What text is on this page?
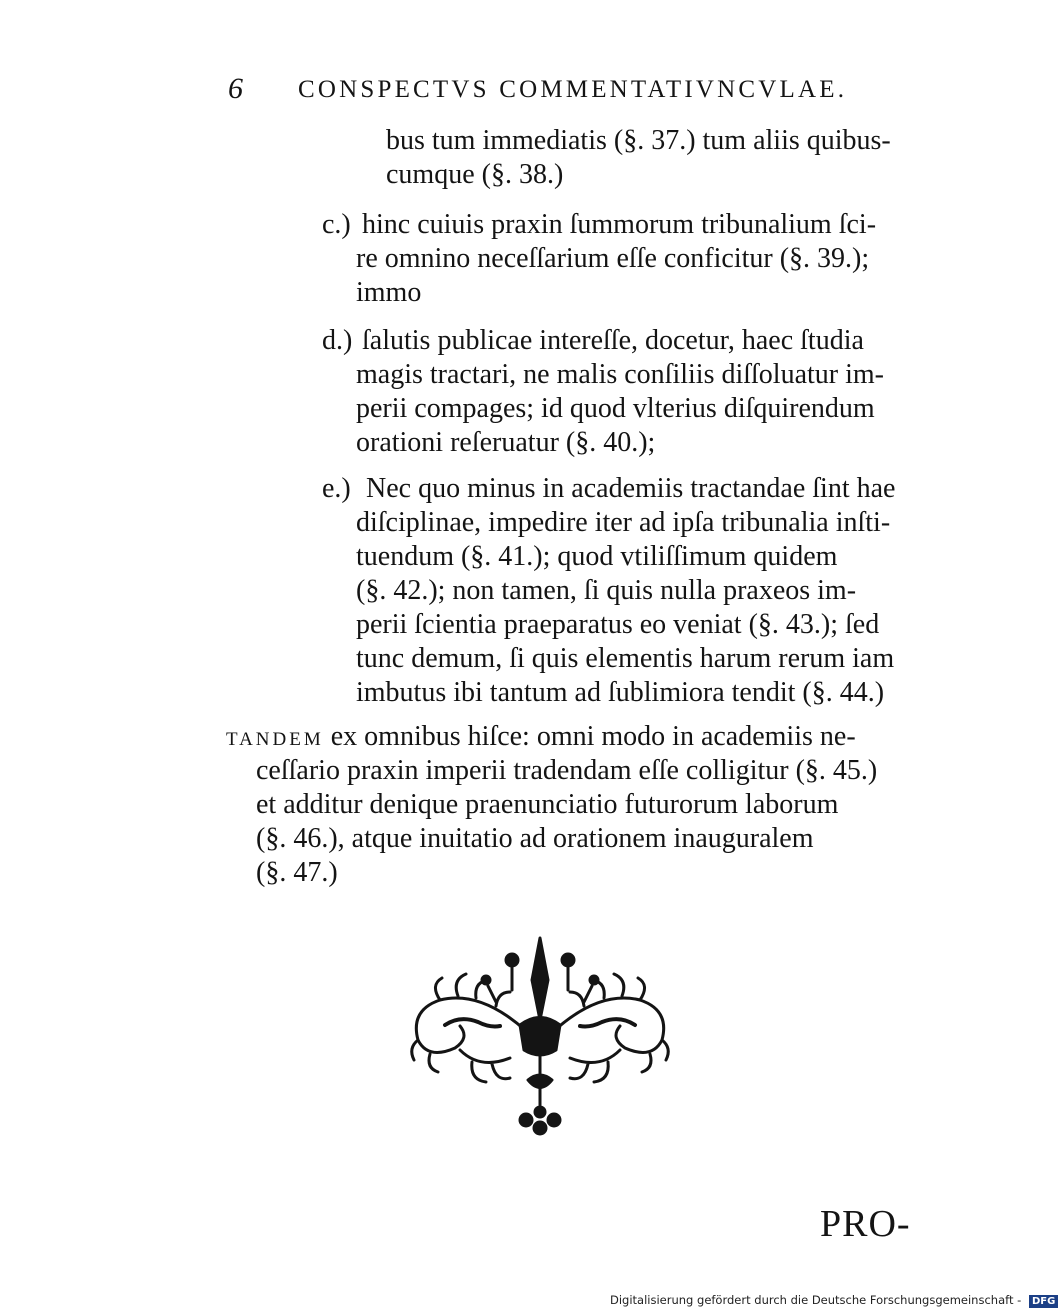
6 CONSPECTVS COMMENTATIVNCVLAE.
bus tum immediatis (§. 37.) tum aliis quibus-
cumque (§. 38.)
c.) hinc cuiuis praxin ſummorum tribunalium ſci-
re omnino neceſſarium eſſe conficitur (§. 39.);
immo
d.) ſalutis publicae intereſſe, docetur, haec ſtudia
magis tractari, ne malis conſiliis diſſoluatur im-
perii compages; id quod vlterius diſquirendum
orationi reſeruatur (§. 40.);
e.) Nec quo minus in academiis tractandae ſint hae
diſciplinae, impedire iter ad ipſa tribunalia inſti-
tuendum (§. 41.); quod vtiliſſimum quidem
(§. 42.); non tamen, ſi quis nulla praxeos im-
perii ſcientia praeparatus eo veniat (§. 43.); ſed
tunc demum, ſi quis elementis harum rerum iam
imbutus ibi tantum ad ſublimiora tendit (§. 44.)
TANDEM ex omnibus hiſce: omni modo in academiis ne-
ceſſario praxin imperii tradendam eſſe colligitur (§. 45.)
et additur denique praenunciatio futurorum laborum
(§. 46.), atque inuitatio ad orationem inauguralem
(§. 47.)
PRO-
Digitalisierung gefördert durch die Deutsche Forschungsgemeinschaft - DFG
